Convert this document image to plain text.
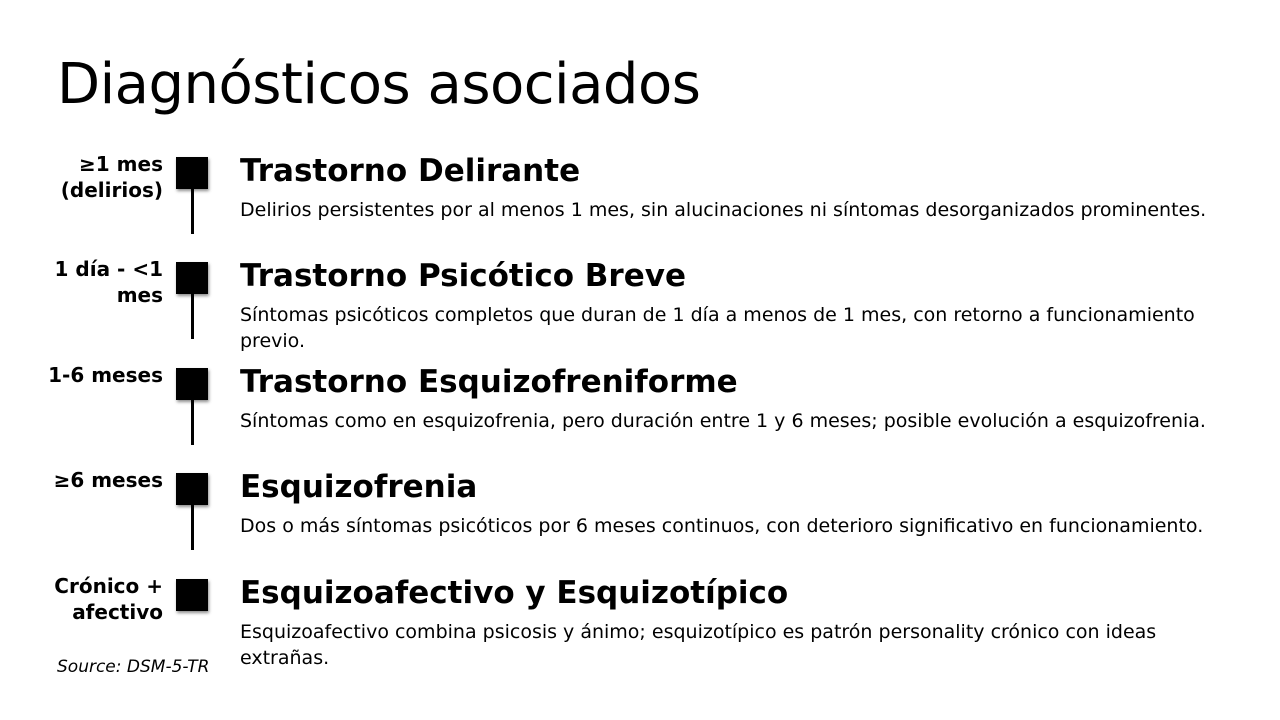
Diagnósticos asociados
≥1 mes (delirios)
Trastorno Delirante
Delirios persistentes por al menos 1 mes, sin alucinaciones ni síntomas desorganizados prominentes.
1 día - <1 mes
Trastorno Psicótico Breve
Síntomas psicóticos completos que duran de 1 día a menos de 1 mes, con retorno a funcionamiento previo.
1-6 meses Trastorno Esquizofreniforme
Síntomas como en esquizofrenia, pero duración entre 1 y 6 meses; posible evolución a esquizofrenia.
≥6 meses Esquizofrenia
Dos o más síntomas psicóticos por 6 meses continuos, con deterioro significativo en funcionamiento.
Crónico + afectivo
Esquizoafectivo y Esquizotípico
Esquizoafectivo combina psicosis y ánimo; esquizotípico es patrón personality crónico con ideas extrañas.
Source: DSM-5-TR
